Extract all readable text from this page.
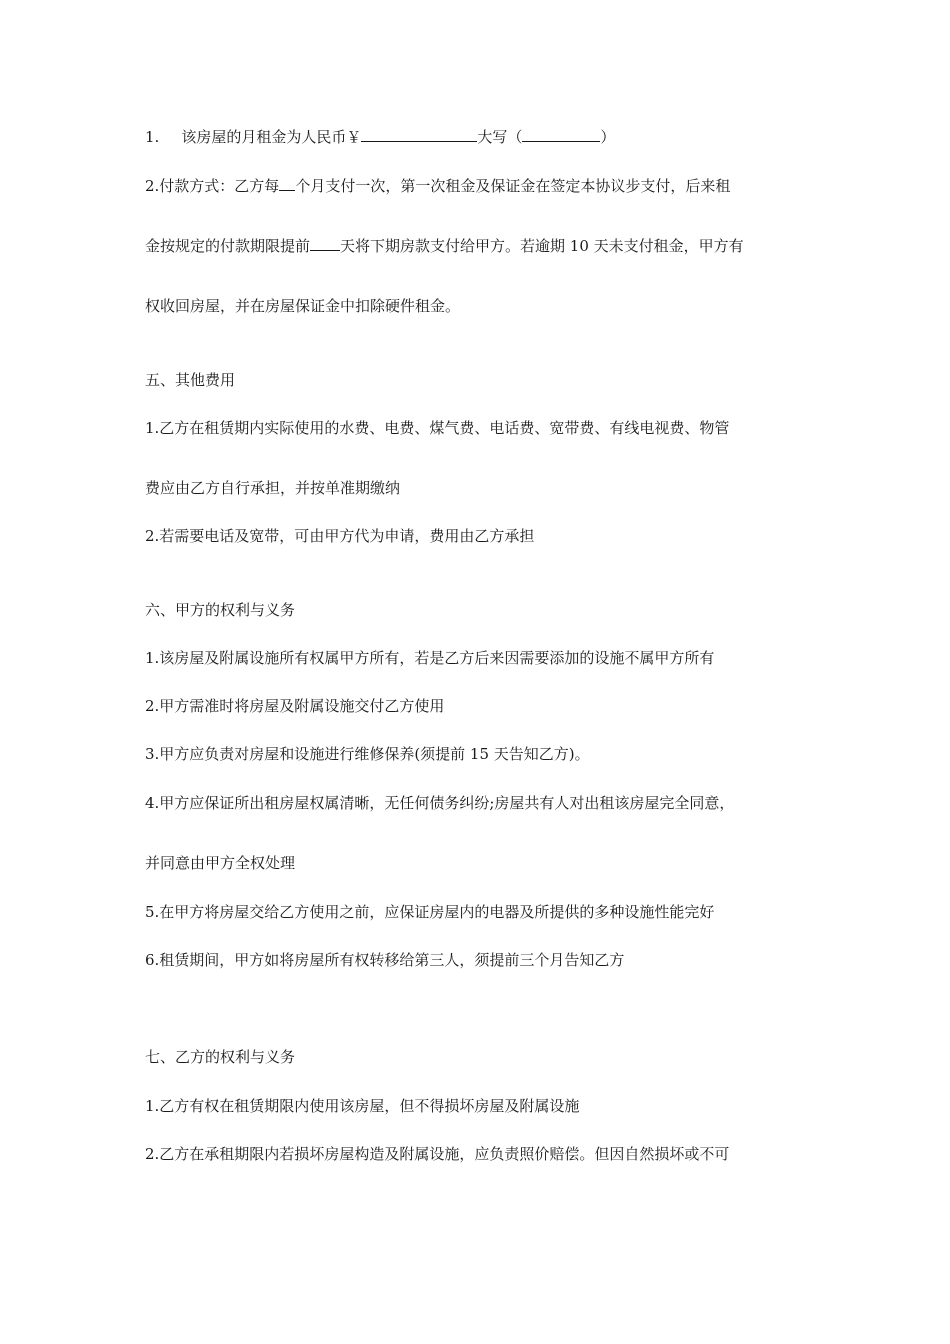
1. 该房屋的月租金为人民币￥	大写（	）
2.付款方式：乙方每 个月支付一次，第一次租金及保证金在签定本协议步支付，后来租
金按规定的付款期限提前 天将下期房款支付给甲方。若逾期 10 天未支付租金，甲方有
权收回房屋，并在房屋保证金中扣除硬件租金。
五、其他费用
1.乙方在租赁期内实际使用的水费、电费、煤气费、电话费、宽带费、有线电视费、物管
费应由乙方自行承担，并按单准期缴纳
2.若需要电话及宽带，可由甲方代为申请，费用由乙方承担
六、甲方的权利与义务
1.该房屋及附属设施所有权属甲方所有，若是乙方后来因需要添加的设施不属甲方所有
2.甲方需准时将房屋及附属设施交付乙方使用
3.甲方应负责对房屋和设施进行维修保养(须提前 15 天告知乙方)。
4.甲方应保证所出租房屋权属清晰，无任何债务纠纷;房屋共有人对出租该房屋完全同意，
并同意由甲方全权处理
5.在甲方将房屋交给乙方使用之前，应保证房屋内的电器及所提供的多种设施性能完好
6.租赁期间，甲方如将房屋所有权转移给第三人，须提前三个月告知乙方
七、乙方的权利与义务
1.乙方有权在租赁期限内使用该房屋，但不得损坏房屋及附属设施
2.乙方在承租期限内若损坏房屋构造及附属设施，应负责照价赔偿。但因自然损坏或不可
